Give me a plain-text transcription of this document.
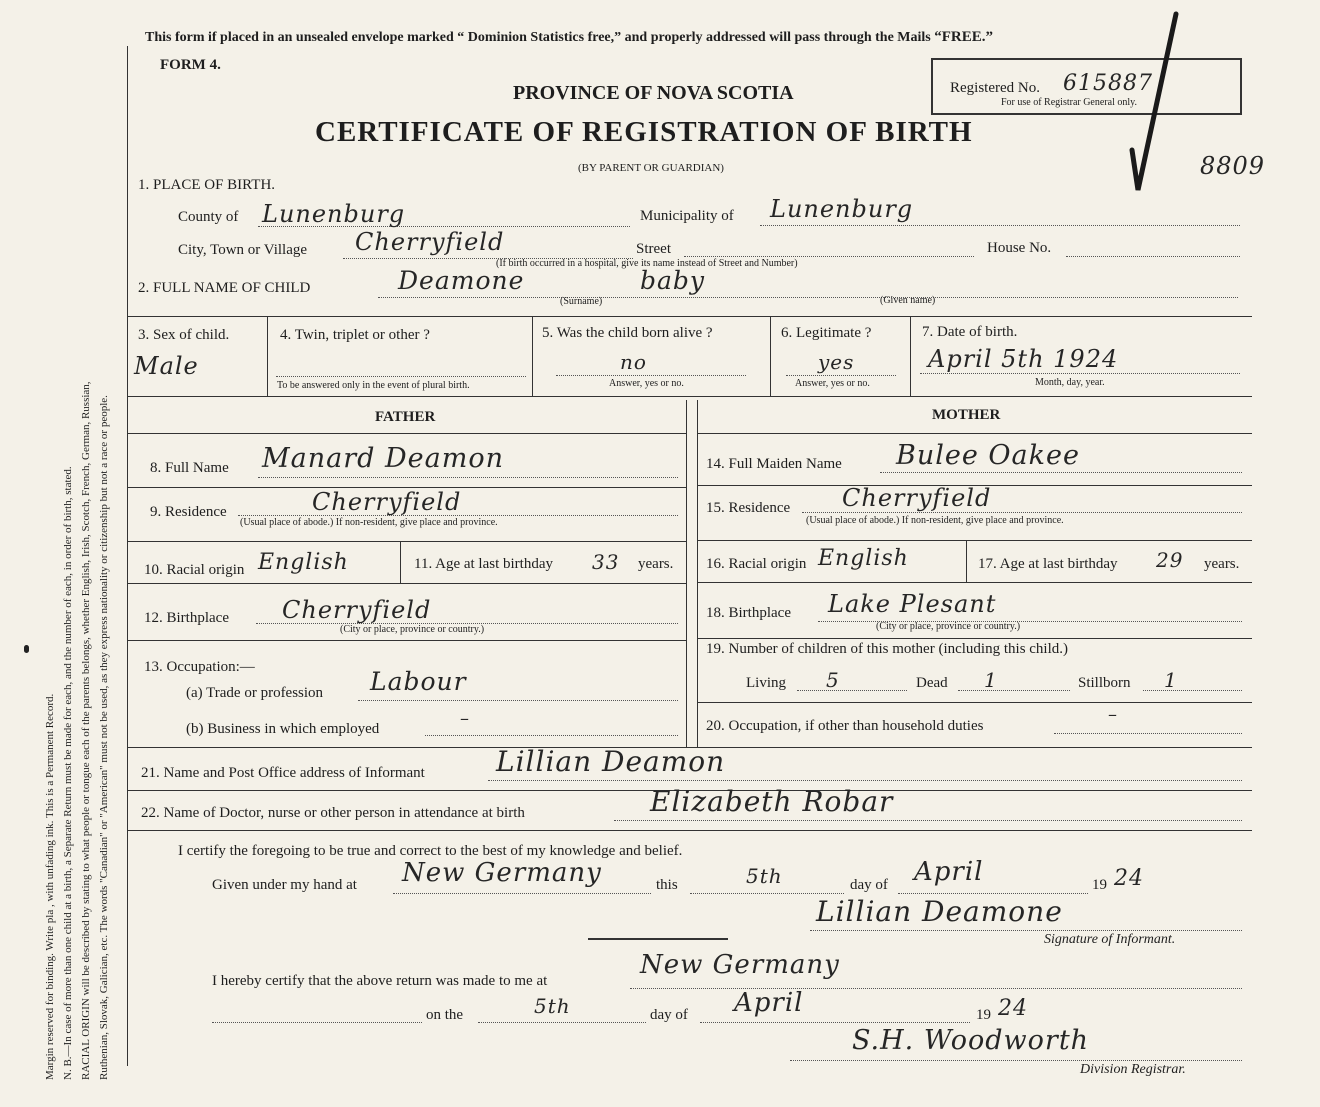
Margin reserved for binding. Write pla , with unfading ink. This is a Permanent Record. N. B.—In case of more than one child at a birth, a Separate Return must be made for each, and the number of each, in order of birth, stated. RACIAL ORIGIN will be described by stating to what people or tongue each of the parents belongs, whether English, Irish, Scotch, French, German, Russian, Ruthenian, Slovak, Galician, etc. The words "Canadian" or "American" must not be used, as they express nationality or citizenship but not a race or people.
This form if placed in an unsealed envelope marked “ Dominion Statistics free,” and properly addressed will pass through the Mails “FREE.”
FORM 4.
PROVINCE OF NOVA SCOTIA
CERTIFICATE OF REGISTRATION OF BIRTH
(BY PARENT OR GUARDIAN)
Registered No. 615887
For use of Registrar General only.
8809
1. PLACE OF BIRTH.
County of Lunenburg	Municipality of Lunenburg
City, Town or Village Cherryfield	Street	House No.
(If birth occurred in a hospital, give its name instead of Street and Number)
2. FULL NAME OF CHILD	Deamone	baby
(Surname)	(Given name)
3. Sex of child.
Male
4. Twin, triplet or other ?
To be answered only in the event of plural birth.
5. Was the child born alive ?
no
Answer, yes or no.
6. Legitimate ?
yes
Answer, yes or no.
7. Date of birth.
April 5th 1924
Month, day, year.
FATHER	MOTHER
8. Full Name Manard Deamon
9. Residence	Cherryfield
(Usual place of abode.) If non-resident, give place and province.
10. Racial origin English	11. Age at last birthday 33 years.
12. Birthplace Cherryfield
(City or place, province or country.)
13. Occupation:—
(a) Trade or profession Labour
(b) Business in which employed	–
14. Full Maiden Name Bulee Oakee
15. Residence Cherryfield
(Usual place of abode.) If non-resident, give place and province.
16. Racial origin English	17. Age at last birthday 29 years.
18. Birthplace Lake Plesant
(City or place, province or country.)
19. Number of children of this mother (including this child.)
Living 5	Dead 1	Stillborn 1
20. Occupation, if other than household duties
–
21. Name and Post Office address of Informant	Lillian Deamon
22. Name of Doctor, nurse or other person in attendance at birth	Elizabeth Robar
I certify the foregoing to be true and correct to the best of my knowledge and belief.
Given under my hand at New Germany	this	5th	day of April	19 24
Lillian Deamone
Signature of Informant.
I hereby certify that the above return was made to me at
New Germany
on the	5th	day of April	19 24
S.H. Woodworth
Division Registrar.
